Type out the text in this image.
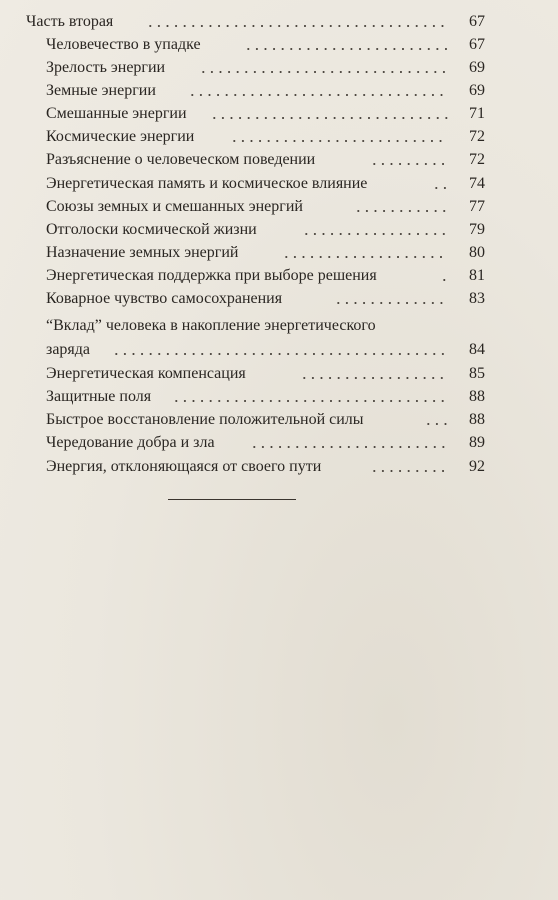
Часть вторая	67
Человечество в упадке	67
Зрелость энергии	69
Земные энергии	69
Смешанные энергии	71
Космические энергии	72
Разъяснение о человеческом поведении	72
Энергетическая память и космическое влияние	74
Союзы земных и смешанных энергий	77
Отголоски космической жизни	79
Назначение земных энергий	80
Энергетическая поддержка при выборе решения	81
Коварное чувство самосохранения	83
“Вклад” человека в накопление энергетического
заряда	84
Энергетическая компенсация	85
Защитные поля	88
Быстрое восстановление положительной силы	88
Чередование добра и зла	89
Энергия, отклоняющаяся от своего пути	92
